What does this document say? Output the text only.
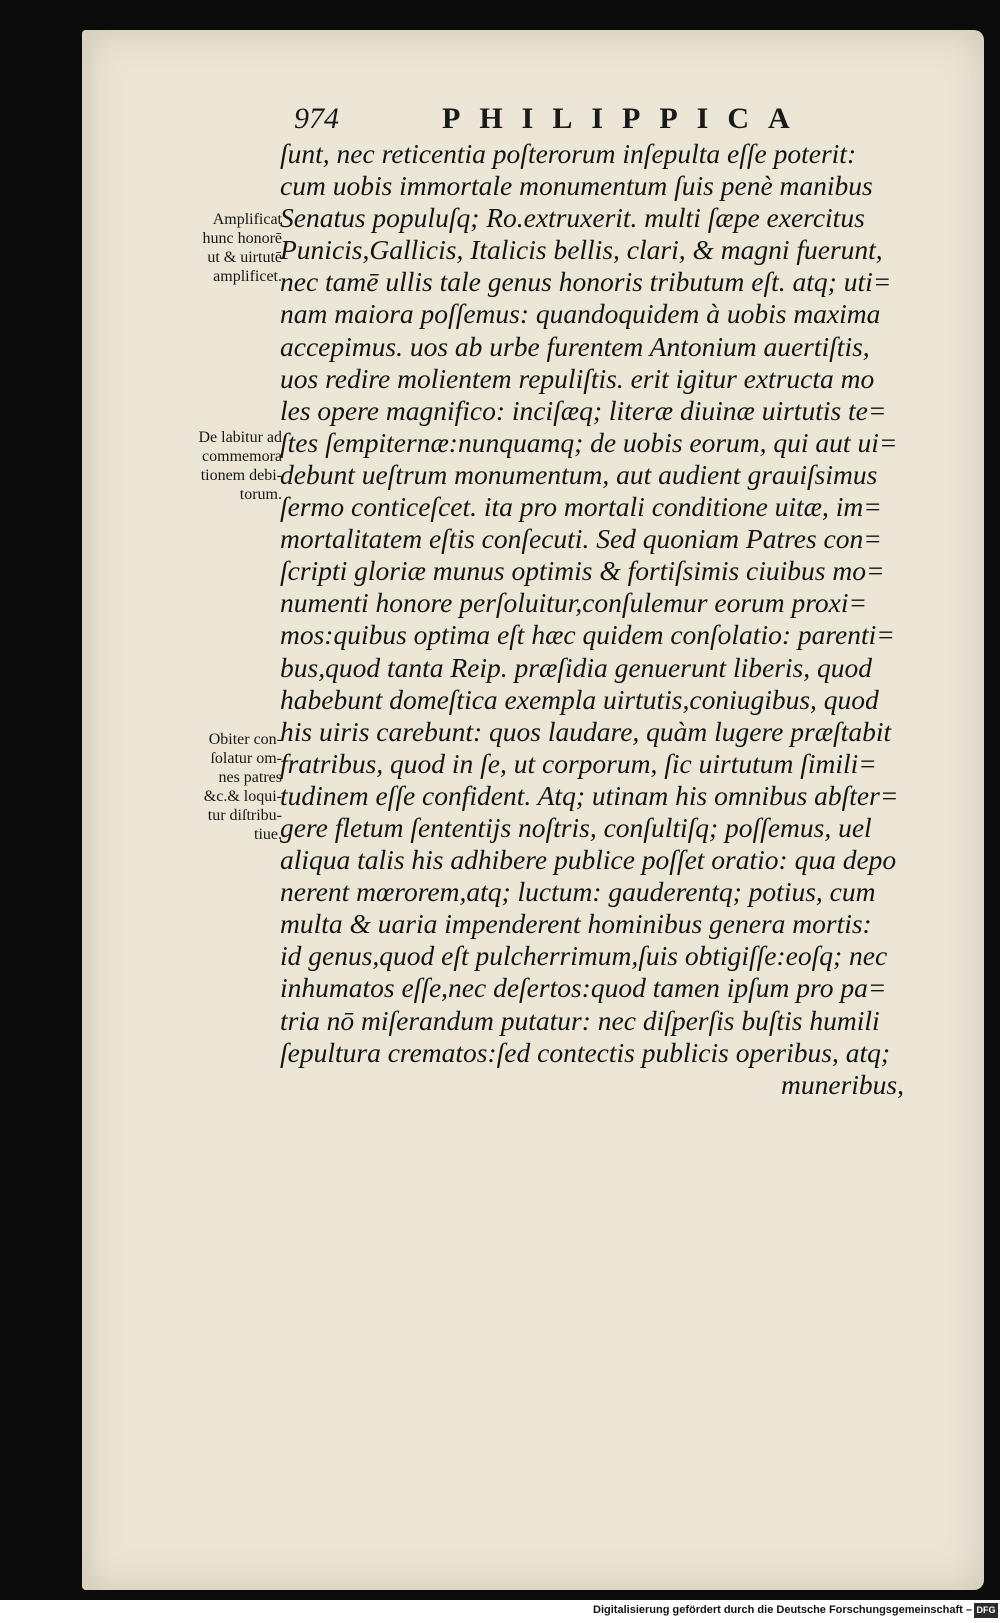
974	PHILIPPICA
ſunt, nec reticentia poſterorum inſepulta eſſe poterit:
cum uobis immortale monumentum ſuis penè manibus
Senatus populuſq; Ro.extruxerit. multi ſæpe exercitus
Punicis,Gallicis, Italicis bellis, clari, & magni fuerunt,
nec tamē ullis tale genus honoris tributum eſt. atq; uti=
nam maiora poſſemus: quandoquidem à uobis maxima
accepimus. uos ab urbe furentem Antonium auertiſtis,
uos redire molientem repuliſtis. erit igitur extructa mo
les opere magnifico: inciſæq; literæ diuinæ uirtutis te=
ſtes ſempiternæ:nunquamq; de uobis eorum, qui aut ui=
debunt ueſtrum monumentum, aut audient grauiſsimus
ſermo conticeſcet. ita pro mortali conditione uitæ, im=
mortalitatem eſtis conſecuti. Sed quoniam Patres con=
ſcripti gloriæ munus optimis & fortiſsimis ciuibus mo=
numenti honore perſoluitur,conſulemur eorum proxi=
mos:quibus optima eſt hæc quidem conſolatio: parenti=
bus,quod tanta Reip. præſidia genuerunt liberis, quod
habebunt domeſtica exempla uirtutis,coniugibus, quod
his uiris carebunt: quos laudare, quàm lugere præſtabit
fratribus, quod in ſe, ut corporum, ſic uirtutum ſimili=
tudinem eſſe confident. Atq; utinam his omnibus abſter=
gere fletum ſententijs noſtris, conſultiſq; poſſemus, uel
aliqua talis his adhibere publice poſſet oratio: qua depo
nerent mœrorem,atq; luctum: gauderentq; potius, cum
multa & uaria impenderent hominibus genera mortis:
id genus,quod eſt pulcherrimum,ſuis obtigiſſe:eoſq; nec
inhumatos eſſe,nec deſertos:quod tamen ipſum pro pa=
tria nō miſerandum putatur: nec diſperſis buſtis humili
ſepultura crematos:ſed contectis publicis operibus, atq;
muneribus,
Amplificat
hunc honorē
ut & uirtutē
amplificet.
De labitur ad
commemora
tionem debi‑
torum.
Obiter con‑
ſolatur om‑
nes patres
&c.& loqui‑
tur diſtribu‑
tiue.
Digitalisierung gefördert durch die Deutsche Forschungsgemeinschaft – DFG
